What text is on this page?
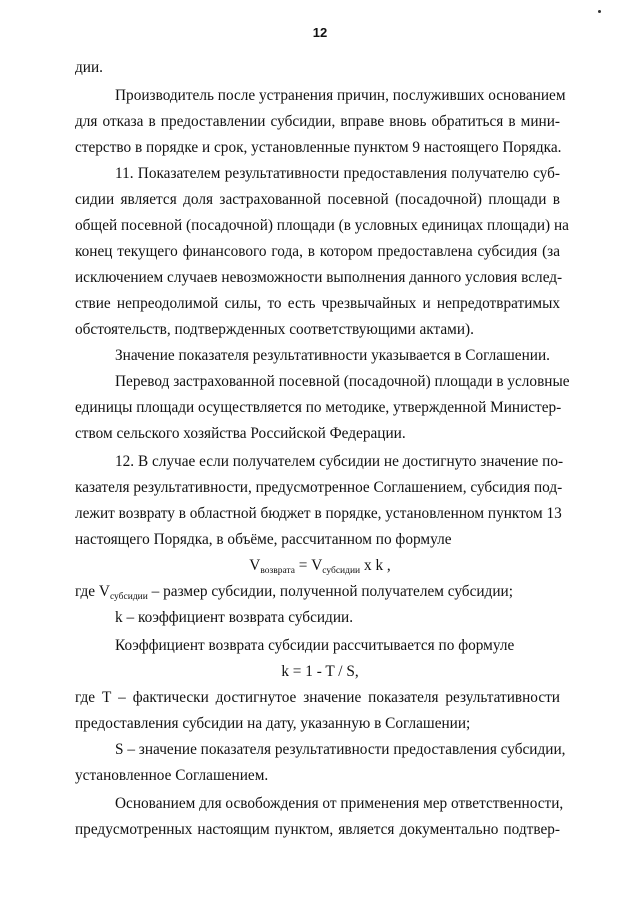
12
дии.
Производитель после устранения причин, послуживших основанием
для отказа в предоставлении субсидии, вправе вновь обратиться в мини-
стерство в порядке и срок, установленные пунктом 9 настоящего Порядка.
11. Показателем результативности предоставления получателю суб-
сидии является доля застрахованной посевной (посадочной) площади в
общей посевной (посадочной) площади (в условных единицах площади) на
конец текущего финансового года, в котором предоставлена субсидия (за
исключением случаев невозможности выполнения данного условия вслед-
ствие непреодолимой силы, то есть чрезвычайных и непредотвратимых
обстоятельств, подтвержденных соответствующими актами).
Значение показателя результативности указывается в Соглашении.
Перевод застрахованной посевной (посадочной) площади в условные
единицы площади осуществляется по методике, утвержденной Министер-
ством сельского хозяйства Российской Федерации.
12. В случае если получателем субсидии не достигнуто значение по-
казателя результативности, предусмотренное Соглашением, субсидия под-
лежит возврату в областной бюджет в порядке, установленном пунктом 13
настоящего Порядка, в объёме, рассчитанном по формуле
$V_{возврата} = V_{субсидии}$ x k ,
где $V_{субсидии}$ – размер субсидии, полученной получателем субсидии;
k – коэффициент возврата субсидии.
Коэффициент возврата субсидии рассчитывается по формуле
k = 1 - T / S,
где Т – фактически достигнутое значение показателя результативности
предоставления субсидии на дату, указанную в Соглашении;
S – значение показателя результативности предоставления субсидии,
установленное Соглашением.
Основанием для освобождения от применения мер ответственности,
предусмотренных настоящим пунктом, является документально подтвер-
